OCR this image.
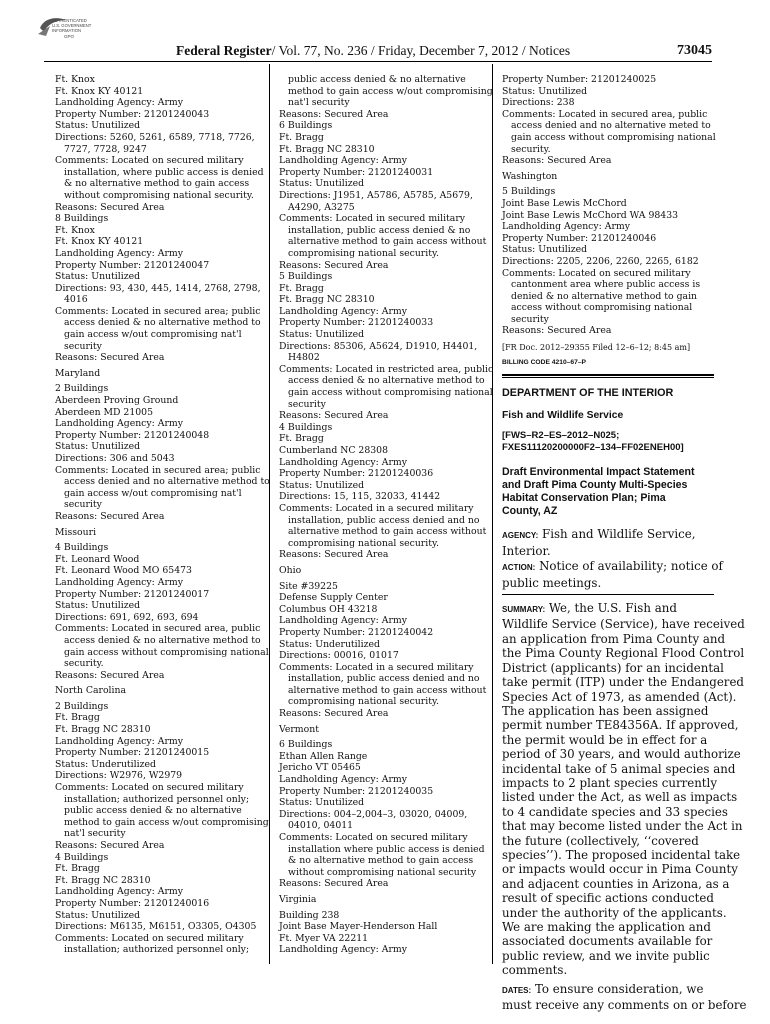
AUTHENTICATED
U.S. GOVERNMENT
INFORMATION
GPO
Federal Register/ Vol. 77, No. 236 / Friday, December 7, 2012 / Notices	73045
Ft. Knox
Ft. Knox KY 40121
Landholding Agency: Army
Property Number: 21201240043
Status: Unutilized
Directions: 5260, 5261, 6589, 7718, 7726,
7727, 7728, 9247
Comments: Located on secured military
installation, where public access is denied
& no alternative method to gain access
without compromising national security.
Reasons: Secured Area
8 Buildings
Ft. Knox
Ft. Knox KY 40121
Landholding Agency: Army
Property Number: 21201240047
Status: Unutilized
Directions: 93, 430, 445, 1414, 2768, 2798,
4016
Comments: Located in secured area; public
access denied & no alternative method to
gain access w/out compromising nat'l
security
Reasons: Secured Area
Maryland
2 Buildings
Aberdeen Proving Ground
Aberdeen MD 21005
Landholding Agency: Army
Property Number: 21201240048
Status: Unutilized
Directions: 306 and 5043
Comments: Located in secured area; public
access denied and no alternative method to
gain access w/out compromising nat'l
security
Reasons: Secured Area
Missouri
4 Buildings
Ft. Leonard Wood
Ft. Leonard Wood MO 65473
Landholding Agency: Army
Property Number: 21201240017
Status: Unutilized
Directions: 691, 692, 693, 694
Comments: Located in secured area, public
access denied & no alternative method to
gain access without compromising national
security.
Reasons: Secured Area
North Carolina
2 Buildings
Ft. Bragg
Ft. Bragg NC 28310
Landholding Agency: Army
Property Number: 21201240015
Status: Underutilized
Directions: W2976, W2979
Comments: Located on secured military
installation; authorized personnel only;
public access denied & no alternative
method to gain access w/out compromising
nat'l security
Reasons: Secured Area
4 Buildings
Ft. Bragg
Ft. Bragg NC 28310
Landholding Agency: Army
Property Number: 21201240016
Status: Unutilized
Directions: M6135, M6151, O3305, O4305
Comments: Located on secured military
installation; authorized personnel only;
public access denied & no alternative
method to gain access w/out compromising
nat'l security
Reasons: Secured Area
6 Buildings
Ft. Bragg
Ft. Bragg NC 28310
Landholding Agency: Army
Property Number: 21201240031
Status: Unutilized
Directions: J1951, A5786, A5785, A5679,
A4290, A3275
Comments: Located in secured military
installation, public access denied & no
alternative method to gain access without
compromising national security.
Reasons: Secured Area
5 Buildings
Ft. Bragg
Ft. Bragg NC 28310
Landholding Agency: Army
Property Number: 21201240033
Status: Unutilized
Directions: 85306, A5624, D1910, H4401,
H4802
Comments: Located in restricted area, public
access denied & no alternative method to
gain access without compromising national
security
Reasons: Secured Area
4 Buildings
Ft. Bragg
Cumberland NC 28308
Landholding Agency: Army
Property Number: 21201240036
Status: Unutilized
Directions: 15, 115, 32033, 41442
Comments: Located in a secured military
installation, public access denied and no
alternative method to gain access without
compromising national security.
Reasons: Secured Area
Ohio
Site #39225
Defense Supply Center
Columbus OH 43218
Landholding Agency: Army
Property Number: 21201240042
Status: Underutilized
Directions: 00016, 01017
Comments: Located in a secured military
installation, public access denied and no
alternative method to gain access without
compromising national security.
Reasons: Secured Area
Vermont
6 Buildings
Ethan Allen Range
Jericho VT 05465
Landholding Agency: Army
Property Number: 21201240035
Status: Unutilized
Directions: 004–2,004–3, 03020, 04009,
04010, 04011
Comments: Located on secured military
installation where public access is denied
& no alternative method to gain access
without compromising national security
Reasons: Secured Area
Virginia
Building 238
Joint Base Mayer-Henderson Hall
Ft. Myer VA 22211
Landholding Agency: Army
Property Number: 21201240025
Status: Unutilized
Directions: 238
Comments: Located in secured area, public
access denied and no alternative meted to
gain access without compromising national
security.
Reasons: Secured Area
Washington
5 Buildings
Joint Base Lewis McChord
Joint Base Lewis McChord WA 98433
Landholding Agency: Army
Property Number: 21201240046
Status: Unutilized
Directions: 2205, 2206, 2260, 2265, 6182
Comments: Located on secured military
cantonment area where public access is
denied & no alternative method to gain
access without compromising national
security
Reasons: Secured Area
[FR Doc. 2012–29355 Filed 12–6–12; 8:45 am]
BILLING CODE 4210–67–P
DEPARTMENT OF THE INTERIOR
Fish and Wildlife Service
[FWS–R2–ES–2012–N025;
FXES11120200000F2–134–FF02ENEH00]
Draft Environmental Impact Statement
and Draft Pima County Multi-Species
Habitat Conservation Plan; Pima
County, AZ
AGENCY: Fish and Wildlife Service,
Interior.
ACTION: Notice of availability; notice of
public meetings.
SUMMARY: We, the U.S. Fish and
Wildlife Service (Service), have received
an application from Pima County and
the Pima County Regional Flood Control
District (applicants) for an incidental
take permit (ITP) under the Endangered
Species Act of 1973, as amended (Act).
The application has been assigned
permit number TE84356A. If approved,
the permit would be in effect for a
period of 30 years, and would authorize
incidental take of 5 animal species and
impacts to 2 plant species currently
listed under the Act, as well as impacts
to 4 candidate species and 33 species
that may become listed under the Act in
the future (collectively, ‘‘covered
species’’). The proposed incidental take
or impacts would occur in Pima County
and adjacent counties in Arizona, as a
result of specific actions conducted
under the authority of the applicants.
We are making the application and
associated documents available for
public review, and we invite public
comments.
DATES: To ensure consideration, we
must receive any comments on or before
